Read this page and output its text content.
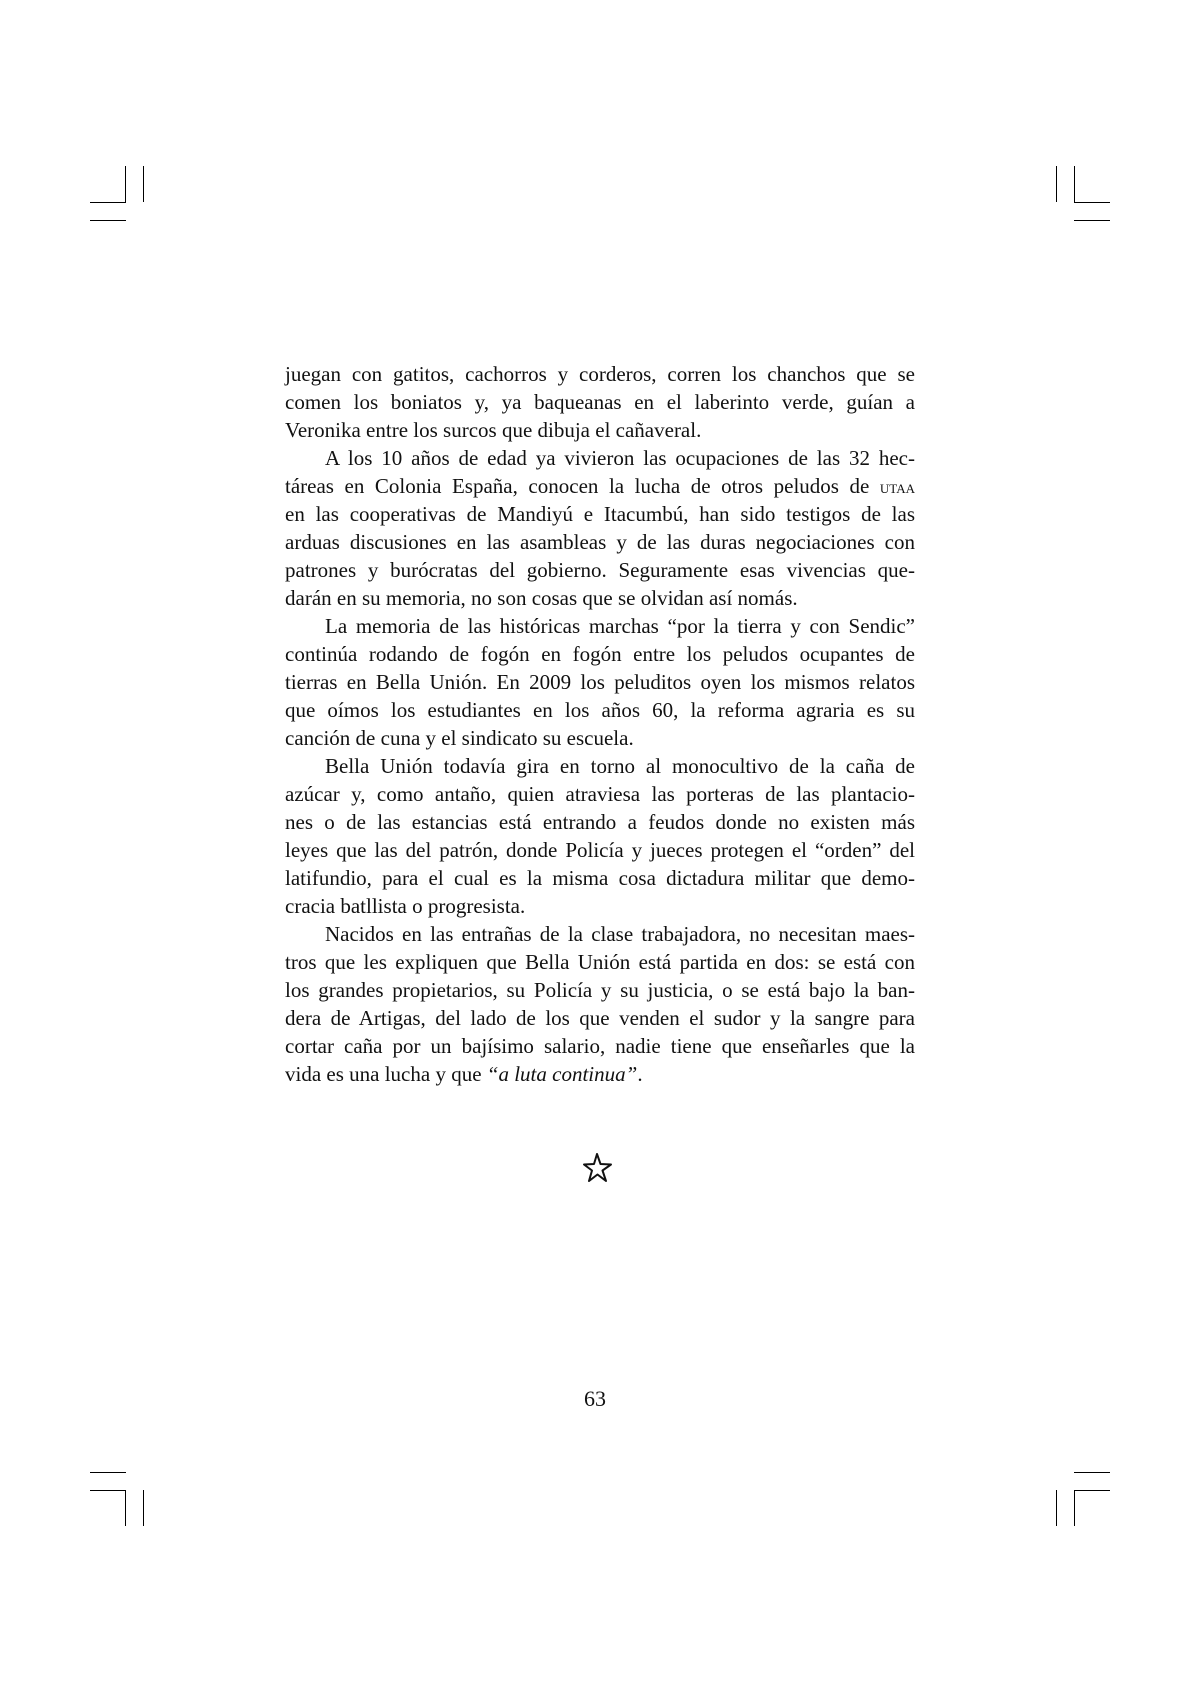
juegan con gatitos, cachorros y corderos, corren los chanchos que se
comen los boniatos y, ya baqueanas en el laberinto verde, guían a
Veronika entre los surcos que dibuja el cañaveral.
A los 10 años de edad ya vivieron las ocupaciones de las 32 hec-
táreas en Colonia España, conocen la lucha de otros peludos de utaa
en las cooperativas de Mandiyú e Itacumbú, han sido testigos de las
arduas discusiones en las asambleas y de las duras negociaciones con
patrones y burócratas del gobierno. Seguramente esas vivencias que-
darán en su memoria, no son cosas que se olvidan así nomás.
La memoria de las históricas marchas “por la tierra y con Sendic”
continúa rodando de fogón en fogón entre los peludos ocupantes de
tierras en Bella Unión. En 2009 los peluditos oyen los mismos relatos
que oímos los estudiantes en los años 60, la reforma agraria es su
canción de cuna y el sindicato su escuela.
Bella Unión todavía gira en torno al monocultivo de la caña de
azúcar y, como antaño, quien atraviesa las porteras de las plantacio-
nes o de las estancias está entrando a feudos donde no existen más
leyes que las del patrón, donde Policía y jueces protegen el “orden” del
latifundio, para el cual es la misma cosa dictadura militar que demo-
cracia batllista o progresista.
Nacidos en las entrañas de la clase trabajadora, no necesitan maes-
tros que les expliquen que Bella Unión está partida en dos: se está con
los grandes propietarios, su Policía y su justicia, o se está bajo la ban-
dera de Artigas, del lado de los que venden el sudor y la sangre para
cortar caña por un bajísimo salario, nadie tiene que enseñarles que la
vida es una lucha y que “a luta continua”.
63
